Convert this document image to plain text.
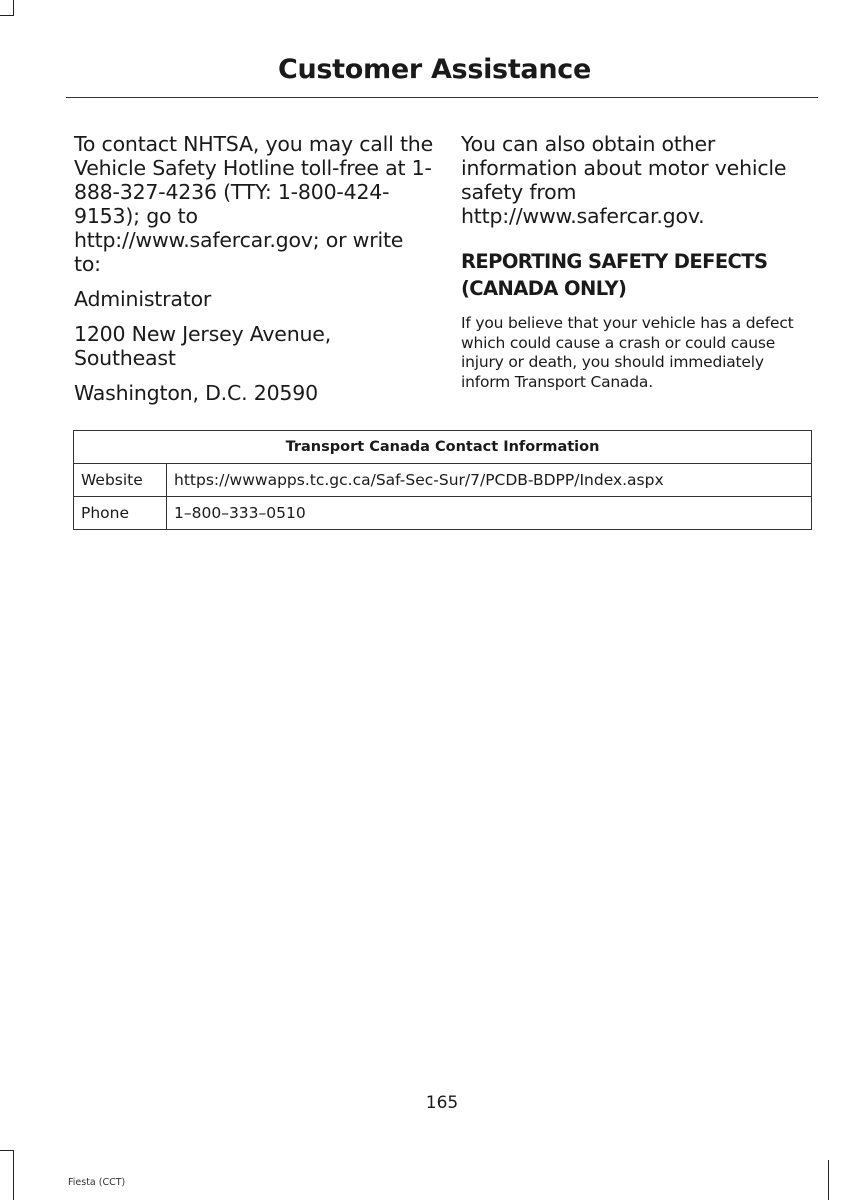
Customer Assistance

To contact NHTSA, you may call the Vehicle Safety Hotline toll-free at 1-888-327-4236 (TTY: 1-800-424-9153); go to http://www.safercar.gov; or write to:

Administrator

1200 New Jersey Avenue, Southeast

Washington, D.C. 20590

You can also obtain other information about motor vehicle safety from http://www.safercar.gov.

REPORTING SAFETY DEFECTS (CANADA ONLY)

If you believe that your vehicle has a defect which could cause a crash or could cause injury or death, you should immediately inform Transport Canada.

Transport Canada Contact Information	
Website	https://wwwapps.tc.gc.ca/Saf-Sec-Sur/7/PCDB-BDPP/Index.aspx
Phone	1–800–333–0510
165
Fiesta (CCT)
